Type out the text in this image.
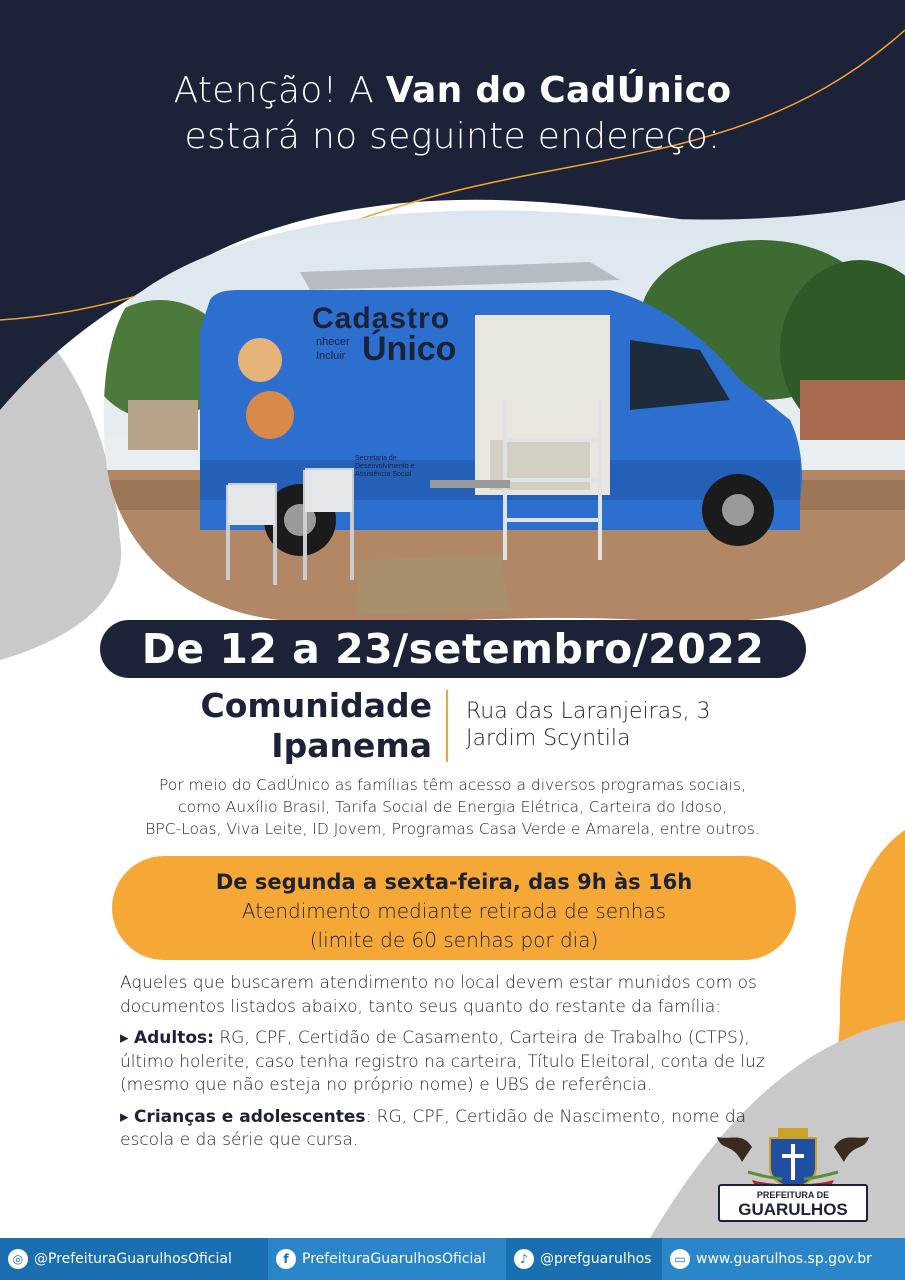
Cadastro
Único
nhecer
Incluir
Secretaria de
Desenvolvimento e
Assistência Social
Atenção! A Van do CadÚnico
estará no seguinte endereço:
De 12 a 23/setembro/2022
Comunidade
Ipanema
Rua das Laranjeiras, 3
Jardim Scyntila
Por meio do CadÚnico as famílias têm acesso a diversos programas sociais,
como Auxílio Brasil, Tarifa Social de Energia Elétrica, Carteira do Idoso,
BPC-Loas, Viva Leite, ID Jovem, Programas Casa Verde e Amarela, entre outros.
De segunda a sexta-feira, das 9h às 16h
Atendimento mediante retirada de senhas
(limite de 60 senhas por dia)

Aqueles que buscarem atendimento no local devem estar munidos com os documentos listados abaixo, tanto seus quanto do restante da família:

▸ Adultos: RG, CPF, Certidão de Casamento, Carteira de Trabalho (CTPS), último holerite, caso tenha registro na carteira, Título Eleitoral, conta de luz (mesmo que não esteja no próprio nome) e UBS de referência.

▸ Crianças e adolescentes: RG, CPF, Certidão de Nascimento, nome da escola e da série que cursa.

PREFEITURA DE
GUARULHOS
◎ @PrefeituraGuarulhosOficial	f PrefeituraGuarulhosOficial	♪ @prefguarulhos	▭ www.guarulhos.sp.gov.br
